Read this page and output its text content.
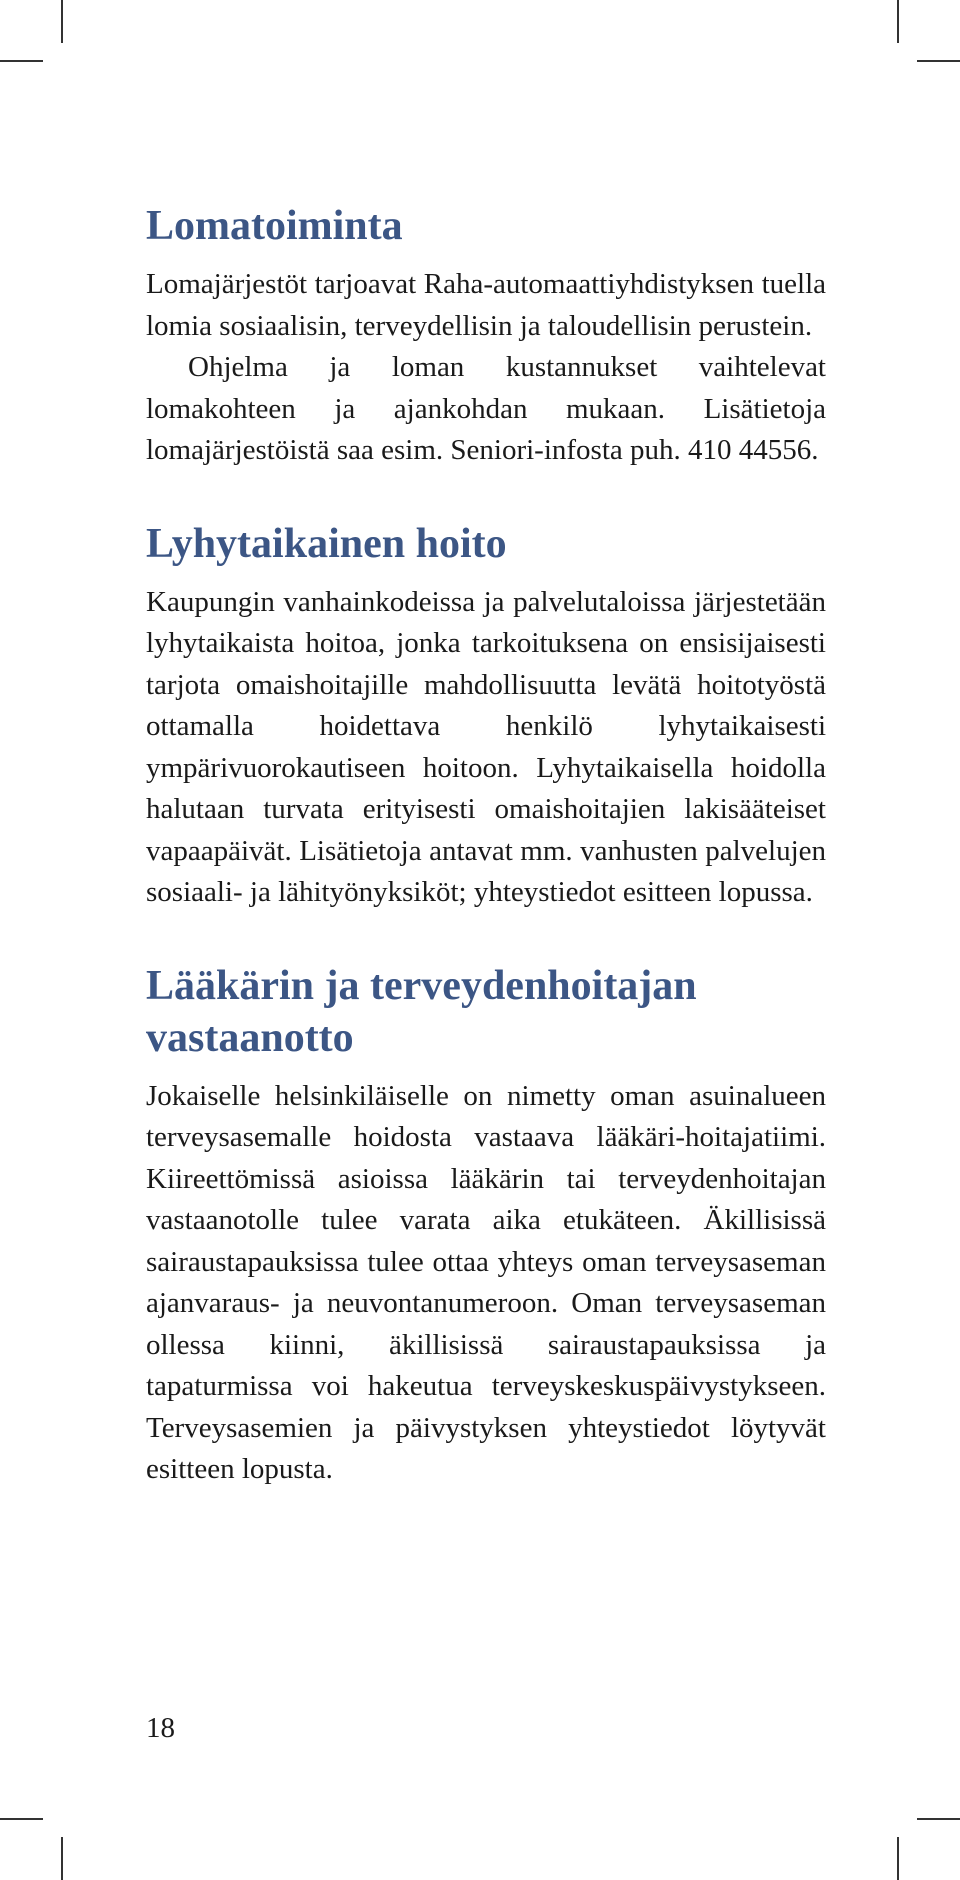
Lomatoiminta

Lomajärjestöt tarjoavat Raha-automaattiyhdistyksen tuella lomia sosiaalisin, terveydellisin ja taloudellisin perustein.

Ohjelma ja loman kustannukset vaihtelevat lomakohteen ja ajankohdan mukaan. Lisätietoja lomajärjestöistä saa esim. Seniori-infosta puh. 410 44556.

Lyhytaikainen hoito

Kaupungin vanhainkodeissa ja palvelutaloissa järjestetään lyhytaikaista hoitoa, jonka tarkoituksena on ensisijaisesti tarjota omaishoitajille mahdollisuutta levätä hoitotyöstä ottamalla hoidettava henkilö lyhytaikaisesti ympärivuorokautiseen hoitoon. Lyhytaikaisella hoidolla halutaan turvata erityisesti omaishoitajien lakisääteiset vapaapäivät. Lisätietoja antavat mm. vanhusten palvelujen sosiaali- ja lähityönyksiköt; yhteystiedot esitteen lopussa.

Lääkärin ja terveydenhoitajan vastaanotto

Jokaiselle helsinkiläiselle on nimetty oman asuinalueen terveysasemalle hoidosta vastaava lääkäri-hoitajatiimi. Kiireettömissä asioissa lääkärin tai terveydenhoitajan vastaanotolle tulee varata aika etukäteen. Äkillisissä sairaustapauksissa tulee ottaa yhteys oman terveysaseman ajanvaraus- ja neuvontanumeroon. Oman terveysaseman ollessa kiinni, äkillisissä sairaustapauksissa ja tapaturmissa voi hakeutua terveyskeskuspäivystykseen. Terveysasemien ja päivystyksen yhteystiedot löytyvät esitteen lopusta.

18
